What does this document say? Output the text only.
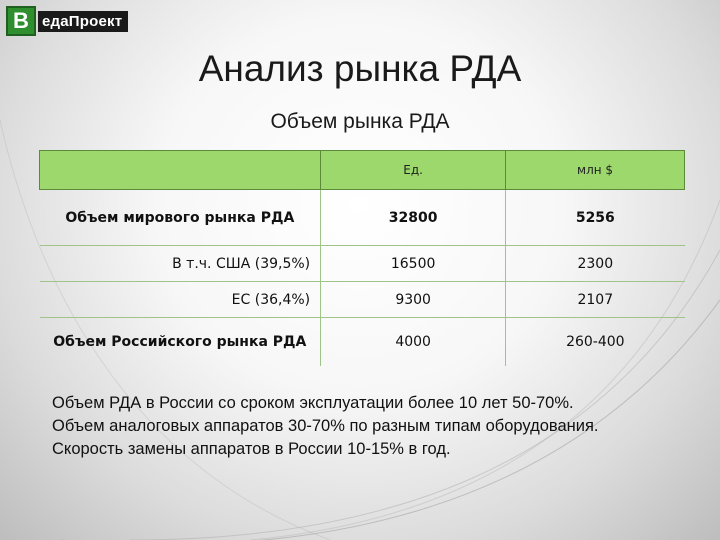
В едаПроект
Анализ рынка РДА
Объем рынка РДА
	Ед.	млн $
Объем мирового рынка РДА	32800	5256
В т.ч. США (39,5%)	16500	2300
ЕС (36,4%)	9300	2107
Объем Российского рынка РДА	4000	260-400
Объем РДА в России со сроком эксплуатации более 10 лет 50-70%.
Объем аналоговых аппаратов 30-70% по разным типам оборудования.
Скорость замены аппаратов в России 10-15% в год.
